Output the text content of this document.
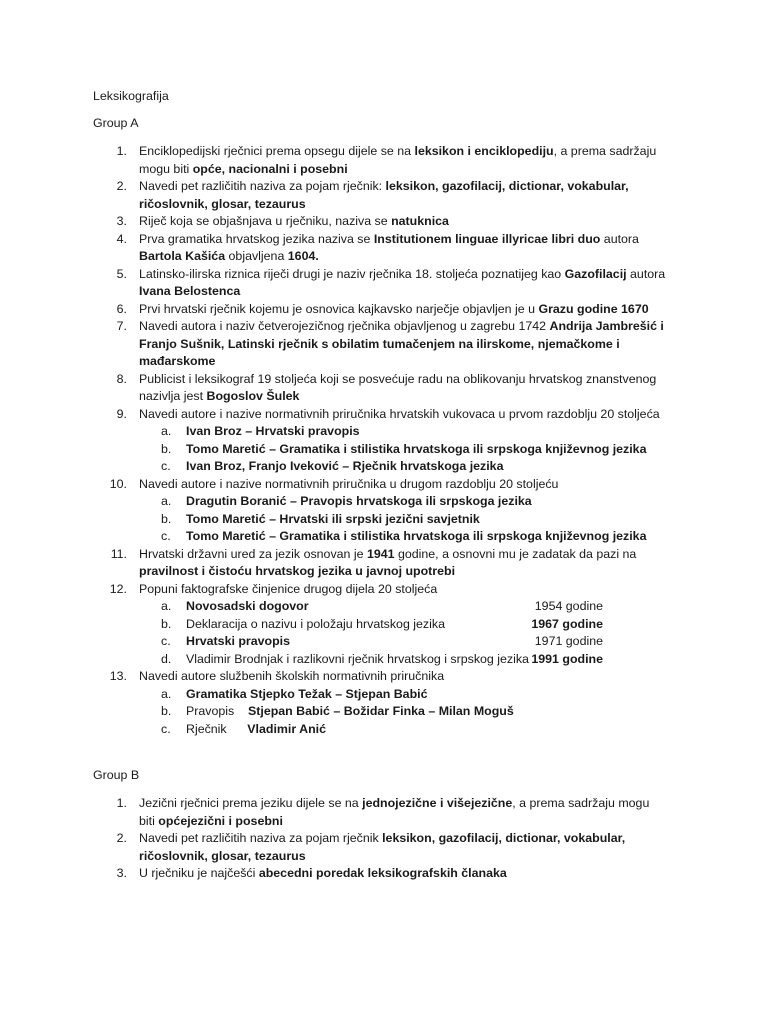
Leksikografija
Group A
1. Enciklopedijski rječnici prema opsegu dijele se na leksikon i enciklopediju, a prema sadržaju mogu biti opće, nacionalni i posebni
2. Navedi pet različitih naziva za pojam rječnik: leksikon, gazofilacij, dictionar, vokabular, ričoslovnik, glosar, tezaurus
3. Riječ koja se objašnjava u rječniku, naziva se natuknica
4. Prva gramatika hrvatskog jezika naziva se Institutionem linguae illyricae libri duo autora Bartola Kašića objavljena 1604.
5. Latinsko-ilirska riznica riječi drugi je naziv rječnika 18. stoljeća poznatijeg kao Gazofilacij autora Ivana Belostenca
6. Prvi hrvatski rječnik kojemu je osnovica kajkavsko narječje objavljen je u Grazu godine 1670
7. Navedi autora i naziv četverojezičnog rječnika objavljenog u zagrebu 1742 Andrija Jambrešić i Franjo Sušnik, Latinski rječnik s obilatim tumačenjem na ilirskome, njemačkome i mađarskome
8. Publicist i leksikograf 19 stoljeća koji se posvećuje radu na oblikovanju hrvatskog znanstvenog nazivlja jest Bogoslov Šulek
9. Navedi autore i nazive normativnih priručnika hrvatskih vukovaca u prvom razdoblju 20 stoljeća
a. Ivan Broz – Hrvatski pravopis
b. Tomo Maretić – Gramatika i stilistika hrvatskoga ili srpskoga književnog jezika
c. Ivan Broz, Franjo Iveković – Rječnik hrvatskoga jezika
10. Navedi autore i nazive normativnih priručnika u drugom razdoblju 20 stoljeću
a. Dragutin Boranić – Pravopis hrvatskoga ili srpskoga jezika
b. Tomo Maretić – Hrvatski ili srpski jezični savjetnik
c. Tomo Maretić – Gramatika i stilistika hrvatskoga ili srpskoga književnog jezika
11. Hrvatski državni ured za jezik osnovan je 1941 godine, a osnovni mu je zadatak da pazi na pravilnost i čistoću hrvatskog jezika u javnoj upotrebi
12. Popuni faktografske činjenice drugog dijela 20 stoljeća
a. Novosadski dogovor	1954 godine
b. Deklaracija o nazivu i položaju hrvatskog jezika	1967 godine
c. Hrvatski pravopis	1971 godine
d. Vladimir Brodnjak i razlikovni rječnik hrvatskog i srpskog jezika 1991 godine
13. Navedi autore službenih školskih normativnih priručnika
a. Gramatika Stjepko Težak – Stjepan Babić
b. Pravopis    Stjepan Babić – Božidar Finka – Milan Moguš
c. Rječnik      Vladimir Anić
Group B
1. Jezični rječnici prema jeziku dijele se na jednojezične i višejezične, a prema sadržaju mogu biti općejezični i posebni
2. Navedi pet različitih naziva za pojam rječnik leksikon, gazofilacij, dictionar, vokabular, ričoslovnik, glosar, tezaurus
3. U rječniku je najčešći abecedni poredak leksikografskih članaka
